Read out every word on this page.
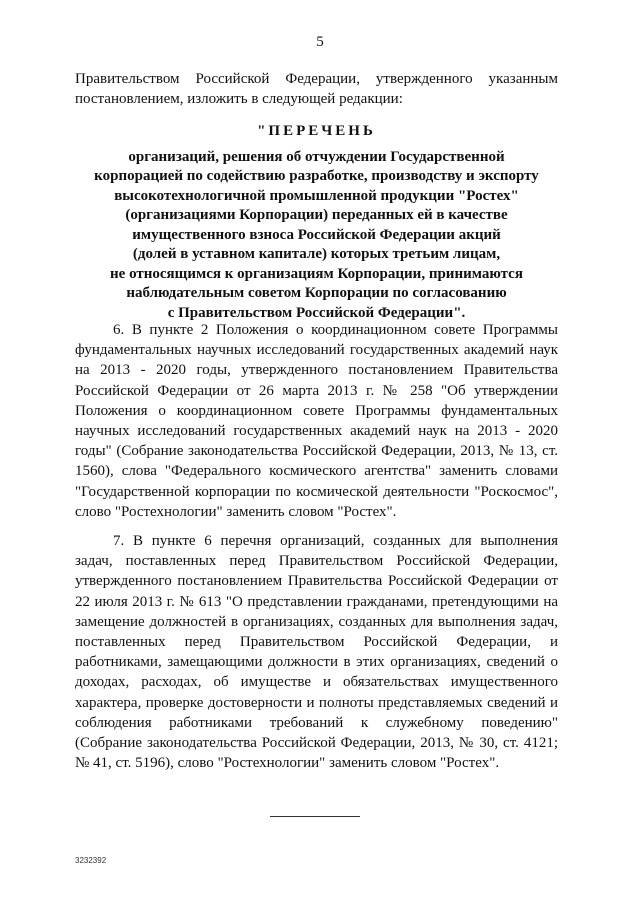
5
Правительством Российской Федерации, утвержденного указанным постановлением, изложить в следующей редакции:
"ПЕРЕЧЕНЬ
организаций, решения об отчуждении Государственной
корпорацией по содействию разработке, производству и экспорту
высокотехнологичной промышленной продукции "Ростех"
(организациями Корпорации) переданных ей в качестве
имущественного взноса Российской Федерации акций
(долей в уставном капитале) которых третьим лицам,
не относящимся к организациям Корпорации, принимаются
наблюдательным советом Корпорации по согласованию
с Правительством Российской Федерации".
6. В пункте 2 Положения о координационном совете Программы фундаментальных научных исследований государственных академий наук на 2013 - 2020 годы, утвержденного постановлением Правительства Российской Федерации от 26 марта 2013 г. № 258 "Об утверждении Положения о координационном совете Программы фундаментальных научных исследований государственных академий наук на 2013 - 2020 годы" (Собрание законодательства Российской Федерации, 2013, № 13, ст. 1560), слова "Федерального космического агентства" заменить словами "Государственной корпорации по космической деятельности "Роскосмос", слово "Ростехнологии" заменить словом "Ростех".
7. В пункте 6 перечня организаций, созданных для выполнения задач, поставленных перед Правительством Российской Федерации, утвержденного постановлением Правительства Российской Федерации от 22 июля 2013 г. № 613 "О представлении гражданами, претендующими на замещение должностей в организациях, созданных для выполнения задач, поставленных перед Правительством Российской Федерации, и работниками, замещающими должности в этих организациях, сведений о доходах, расходах, об имуществе и обязательствах имущественного характера, проверке достоверности и полноты представляемых сведений и соблюдения работниками требований к служебному поведению" (Собрание законодательства Российской Федерации, 2013, № 30, ст. 4121; № 41, ст. 5196), слово "Ростехнологии" заменить словом "Ростех".
3232392
